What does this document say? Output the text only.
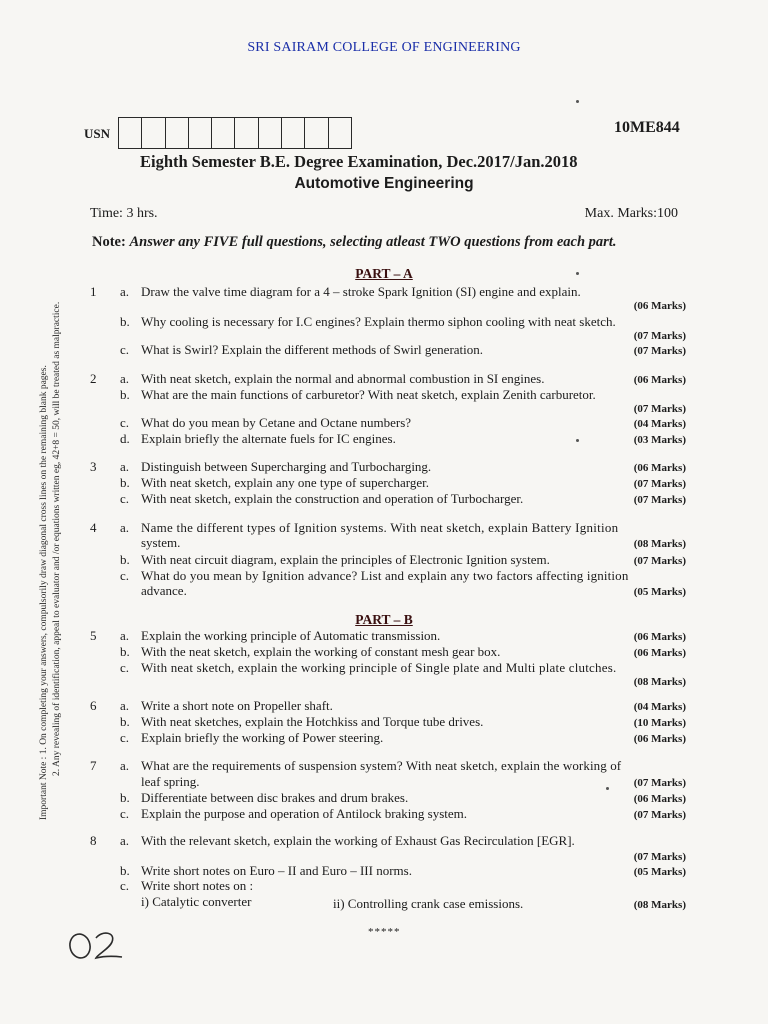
SRI SAIRAM COLLEGE OF ENGINEERING
USN	10ME844
Eighth Semester B.E. Degree Examination, Dec.2017/Jan.2018
Automotive Engineering
Time: 3 hrs.	Max. Marks:100
Note: Answer any FIVE full questions, selecting atleast TWO questions from each part.
Important Note : 1. On completing your answers, compulsorily draw diagonal cross lines on the remaining blank pages. 2. Any revealing of identification, appeal to evaluator and /or equations written eg, 42+8 = 50, will be treated as malpractice.
PART – A
1 a. Draw the valve time diagram for a 4 – stroke Spark Ignition (SI) engine and explain.
(06 Marks)
b. Why cooling is necessary for I.C engines? Explain thermo siphon cooling with neat sketch.
(07 Marks)
c. What is Swirl? Explain the different methods of Swirl generation.	(07 Marks)
2 a. With neat sketch, explain the normal and abnormal combustion in SI engines.	(06 Marks)
b. What are the main functions of carburetor? With neat sketch, explain Zenith carburetor.
(07 Marks)
c. What do you mean by Cetane and Octane numbers?	(04 Marks)
d. Explain briefly the alternate fuels for IC engines.	(03 Marks)
3 a. Distinguish between Supercharging and Turbocharging.	(06 Marks)
b. With neat sketch, explain any one type of supercharger.	(07 Marks)
c. With neat sketch, explain the construction and operation of Turbocharger.	(07 Marks)
4 a. Name the different types of Ignition systems. With neat sketch, explain Battery Ignition
system.	(08 Marks)
b. With neat circuit diagram, explain the principles of Electronic Ignition system.	(07 Marks)
c. What do you mean by Ignition advance? List and explain any two factors affecting ignition
advance.	(05 Marks)
PART – B
5 a. Explain the working principle of Automatic transmission.	(06 Marks)
b. With the neat sketch, explain the working of constant mesh gear box.	(06 Marks)
c. With neat sketch, explain the working principle of Single plate and Multi plate clutches.
(08 Marks)
6 a. Write a short note on Propeller shaft.	(04 Marks)
b. With neat sketches, explain the Hotchkiss and Torque tube drives.	(10 Marks)
c. Explain briefly the working of Power steering.	(06 Marks)
7 a. What are the requirements of suspension system? With neat sketch, explain the working of
leaf spring.	(07 Marks)
b. Differentiate between disc brakes and drum brakes.	(06 Marks)
c. Explain the purpose and operation of Antilock braking system.	(07 Marks)
8 a. With the relevant sketch, explain the working of Exhaust Gas Recirculation [EGR].
(07 Marks)
b. Write short notes on Euro – II and Euro – III norms.	(05 Marks)
c. Write short notes on :
i) Catalytic converter	ii) Controlling crank case emissions.	(08 Marks)
*****
